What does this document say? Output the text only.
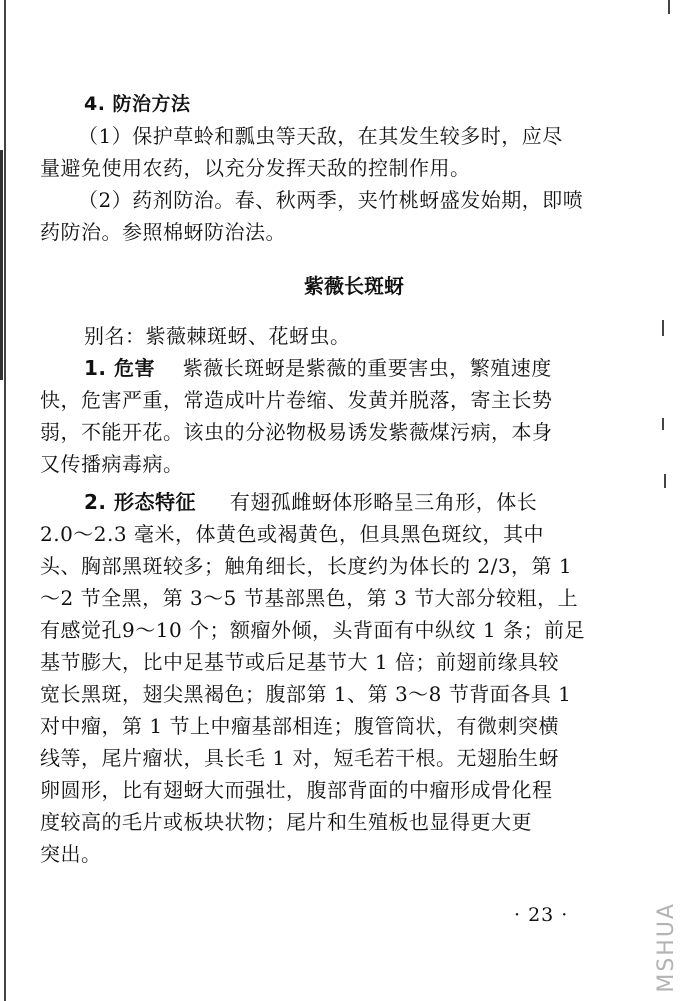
4. 防治方法
（1）保护草蛉和瓢虫等天敌，在其发生较多时，应尽
量避免使用农药，以充分发挥天敌的控制作用。
（2）药剂防治。春、秋两季，夹竹桃蚜盛发始期，即喷
药防治。参照棉蚜防治法。
紫薇长斑蚜
别名：紫薇棘斑蚜、花蚜虫。
1. 危害 紫薇长斑蚜是紫薇的重要害虫，繁殖速度
快，危害严重，常造成叶片卷缩、发黄并脱落，寄主长势
弱，不能开花。该虫的分泌物极易诱发紫薇煤污病，本身
又传播病毒病。
2. 形态特征 有翅孤雌蚜体形略呈三角形，体长
2.0～2.3 毫米，体黄色或褐黄色，但具黑色斑纹，其中
头、胸部黑斑较多；触角细长，长度约为体长的 2/3，第 1
～2 节全黑，第 3～5 节基部黑色，第 3 节大部分较粗，上
有感觉孔9～10 个；额瘤外倾，头背面有中纵纹 1 条；前足
基节膨大，比中足基节或后足基节大 1 倍；前翅前缘具较
宽长黑斑，翅尖黑褐色；腹部第 1、第 3～8 节背面各具 1
对中瘤，第 1 节上中瘤基部相连；腹管筒状，有微刺突横
线等，尾片瘤状，具长毛 1 对，短毛若干根。无翅胎生蚜
卵圆形，比有翅蚜大而强壮，腹部背面的中瘤形成骨化程
度较高的毛片或板块状物；尾片和生殖板也显得更大更
突出。
· 23 ·	MSHUA
